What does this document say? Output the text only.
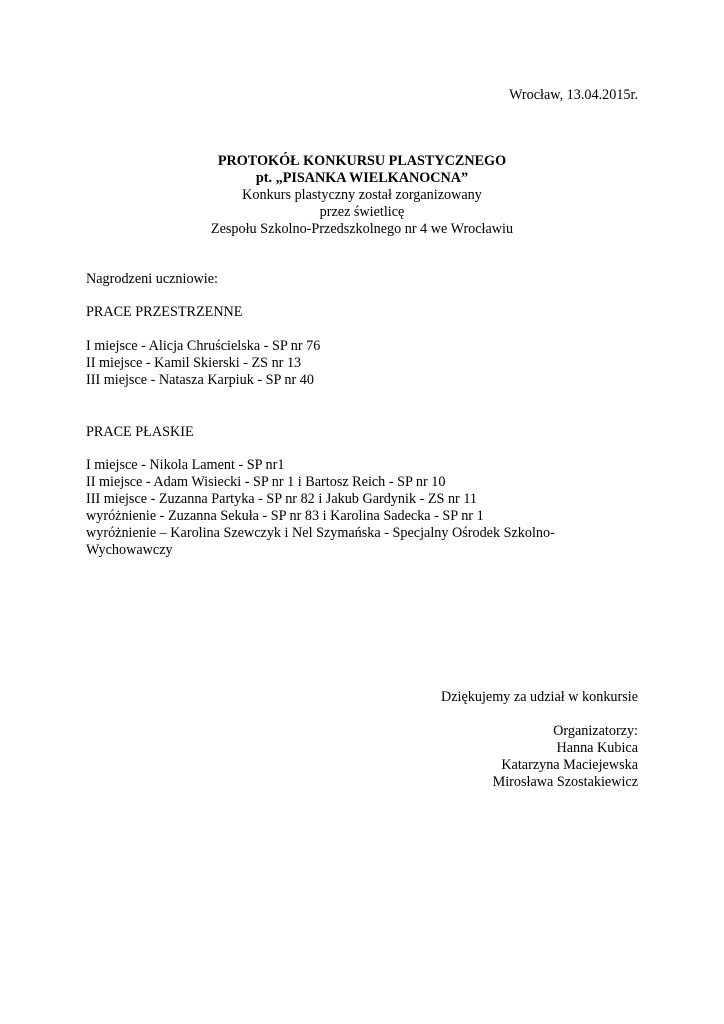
Wrocław, 13.04.2015r.
PROTOKÓŁ KONKURSU PLASTYCZNEGO
pt. „PISANKA WIELKANOCNA”
Konkurs plastyczny został zorganizowany
przez świetlicę
Zespołu Szkolno-Przedszkolnego nr 4 we Wrocławiu
Nagrodzeni uczniowie:
PRACE PRZESTRZENNE
I miejsce - Alicja Chruścielska - SP nr 76
II miejsce - Kamil Skierski - ZS nr 13
III miejsce - Natasza Karpiuk - SP nr 40
PRACE PŁASKIE
I miejsce - Nikola Lament - SP nr1
II miejsce - Adam Wisiecki - SP nr 1 i Bartosz Reich - SP nr 10
III miejsce - Zuzanna Partyka - SP nr 82 i Jakub Gardynik - ZS nr 11
wyróżnienie - Zuzanna Sekuła - SP nr 83 i Karolina Sadecka - SP nr 1
wyróżnienie – Karolina Szewczyk i Nel Szymańska - Specjalny Ośrodek Szkolno-Wychowawczy
Dziękujemy za udział w konkursie
Organizatorzy:
Hanna Kubica
Katarzyna Maciejewska
Mirosława Szostakiewicz
